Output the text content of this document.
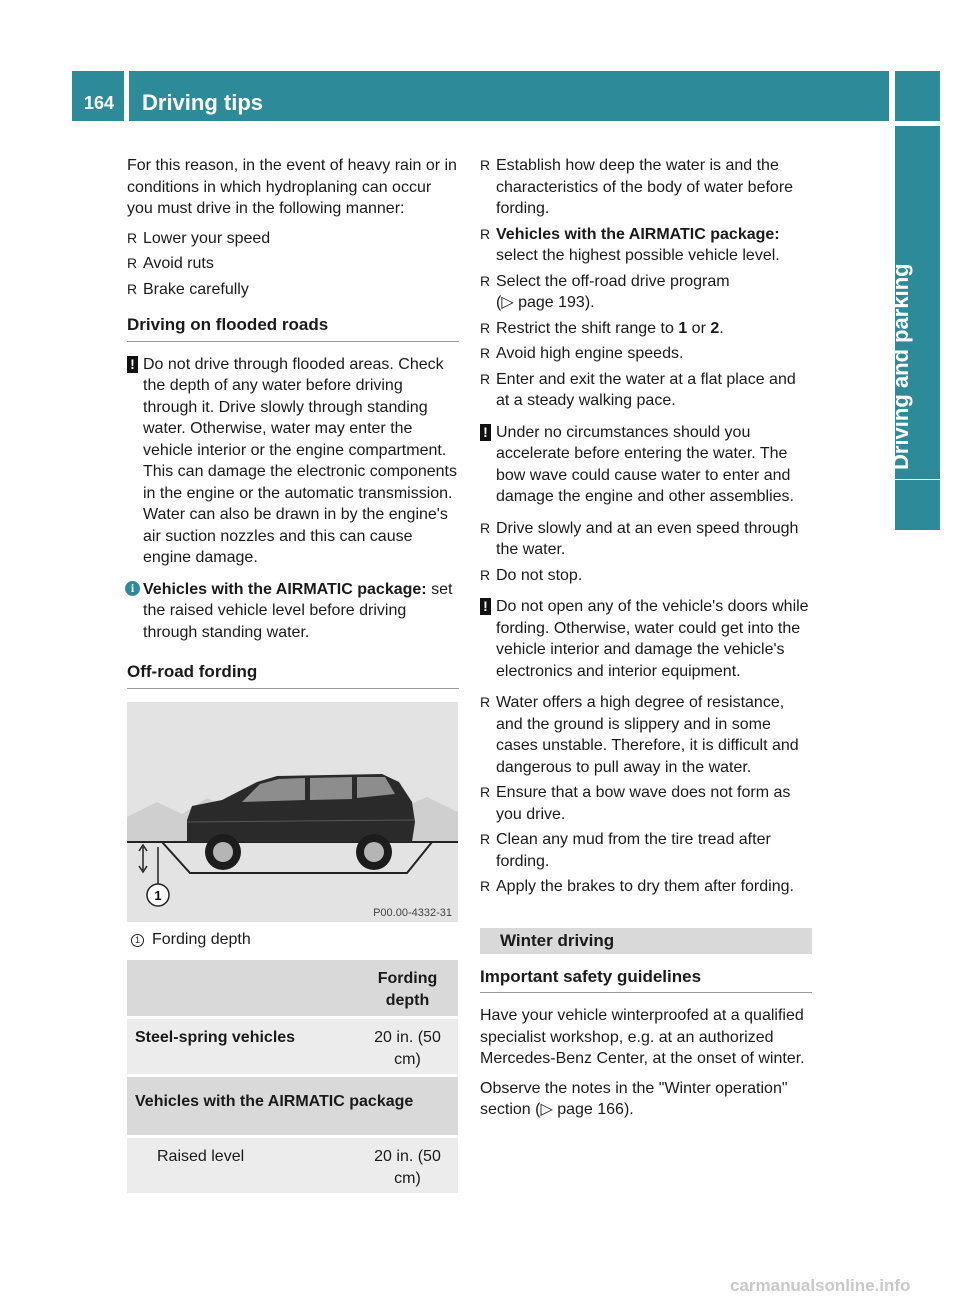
164 Driving tips
Driving and parking

For this reason, in the event of heavy rain or in conditions in which hydroplaning can occur you must drive in the following manner:

R Lower your speed
R Avoid ruts
R Brake carefully
Driving on flooded roads
! Do not drive through flooded areas. Check the depth of any water before driving through it. Drive slowly through standing water. Otherwise, water may enter the vehicle interior or the engine compartment. This can damage the electronic components in the engine or the automatic transmission. Water can also be drawn in by the engine's air suction nozzles and this can cause engine damage.
i Vehicles with the AIRMATIC package: set the raised vehicle level before driving through standing water.
Off-road fording
1
P00.00-4332-31
1 Fording depth
Fording depth
Steel-spring vehicles	20 in. (50 cm)
Vehicles with the AIRMATIC package
Raised level	20 in. (50 cm)
R Establish how deep the water is and the characteristics of the body of water before fording.
R Vehicles with the AIRMATIC package: select the highest possible vehicle level.
R Select the off-road drive program
(▷ page 193).
R Restrict the shift range to 1 or 2.
R Avoid high engine speeds.
R Enter and exit the water at a flat place and at a steady walking pace.
! Under no circumstances should you accelerate before entering the water. The bow wave could cause water to enter and damage the engine and other assemblies.
R Drive slowly and at an even speed through the water.
R Do not stop.
! Do not open any of the vehicle's doors while fording. Otherwise, water could get into the vehicle interior and damage the vehicle's electronics and interior equipment.
R Water offers a high degree of resistance, and the ground is slippery and in some cases unstable. Therefore, it is difficult and dangerous to pull away in the water.
R Ensure that a bow wave does not form as you drive.
R Clean any mud from the tire tread after fording.
R Apply the brakes to dry them after fording.
Winter driving
Important safety guidelines

Have your vehicle winterproofed at a qualified specialist workshop, e.g. at an authorized Mercedes-Benz Center, at the onset of winter.

Observe the notes in the "Winter operation" section (▷ page 166).

carmanualsonline.info
